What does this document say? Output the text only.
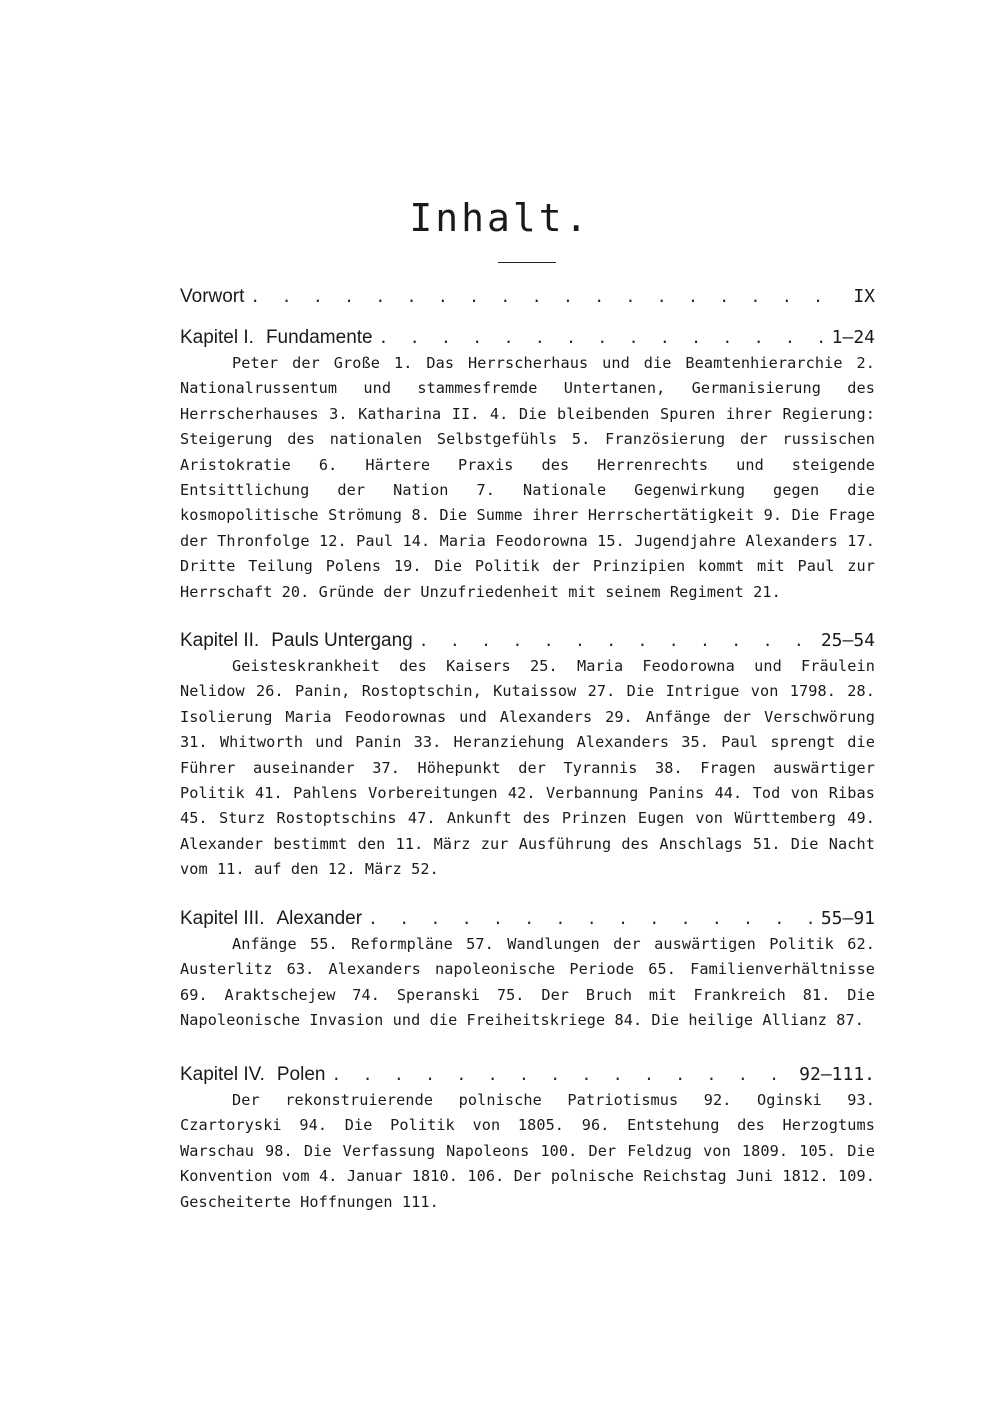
Inhalt.
Vorwort . . .	IX
Kapitel I. Fundamente . . .	1—24

Peter der Große 1. Das Herrscherhaus und die Beamtenhierarchie 2. Nationalrussentum und stammesfremde Untertanen, Germanisierung des Herrscherhauses 3. Katharina II. 4. Die bleibenden Spuren ihrer Regierung: Steigerung des nationalen Selbstgefühls 5. Französierung der russischen Aristokratie 6. Härtere Praxis des Herrenrechts und steigende Entsittlichung der Nation 7. Nationale Gegenwirkung gegen die kosmopolitische Strömung 8. Die Summe ihrer Herrschertätigkeit 9. Die Frage der Thronfolge 12. Paul 14. Maria Feodorowna 15. Jugendjahre Alexanders 17. Dritte Teilung Polens 19. Die Politik der Prinzipien kommt mit Paul zur Herrschaft 20. Gründe der Unzufriedenheit mit seinem Regiment 21.

Kapitel II. Pauls Untergang . . .	25—54

Geisteskrankheit des Kaisers 25. Maria Feodorowna und Fräulein Nelidow 26. Panin, Rostoptschin, Kutaissow 27. Die Intrigue von 1798. 28. Isolierung Maria Feodorownas und Alexanders 29. Anfänge der Verschwörung 31. Whitworth und Panin 33. Heranziehung Alexanders 35. Paul sprengt die Führer auseinander 37. Höhepunkt der Tyrannis 38. Fragen auswärtiger Politik 41. Pahlens Vorbereitungen 42. Verbannung Panins 44. Tod von Ribas 45. Sturz Rostoptschins 47. Ankunft des Prinzen Eugen von Württemberg 49. Alexander bestimmt den 11. März zur Ausführung des Anschlags 51. Die Nacht vom 11. auf den 12. März 52.

Kapitel III. Alexander . . .	55—91

Anfänge 55. Reformpläne 57. Wandlungen der auswärtigen Politik 62. Austerlitz 63. Alexanders napoleonische Periode 65. Familienverhältnisse 69. Araktschejew 74. Speranski 75. Der Bruch mit Frankreich 81. Die Napoleonische Invasion und die Freiheitskriege 84. Die heilige Allianz 87.

Kapitel IV. Polen . . .	92—111.

Der rekonstruierende polnische Patriotismus 92. Oginski 93. Czartoryski 94. Die Politik von 1805. 96. Entstehung des Herzogtums Warschau 98. Die Verfassung Napoleons 100. Der Feldzug von 1809. 105. Die Konvention vom 4. Januar 1810. 106. Der polnische Reichstag Juni 1812. 109. Gescheiterte Hoffnungen 111.
